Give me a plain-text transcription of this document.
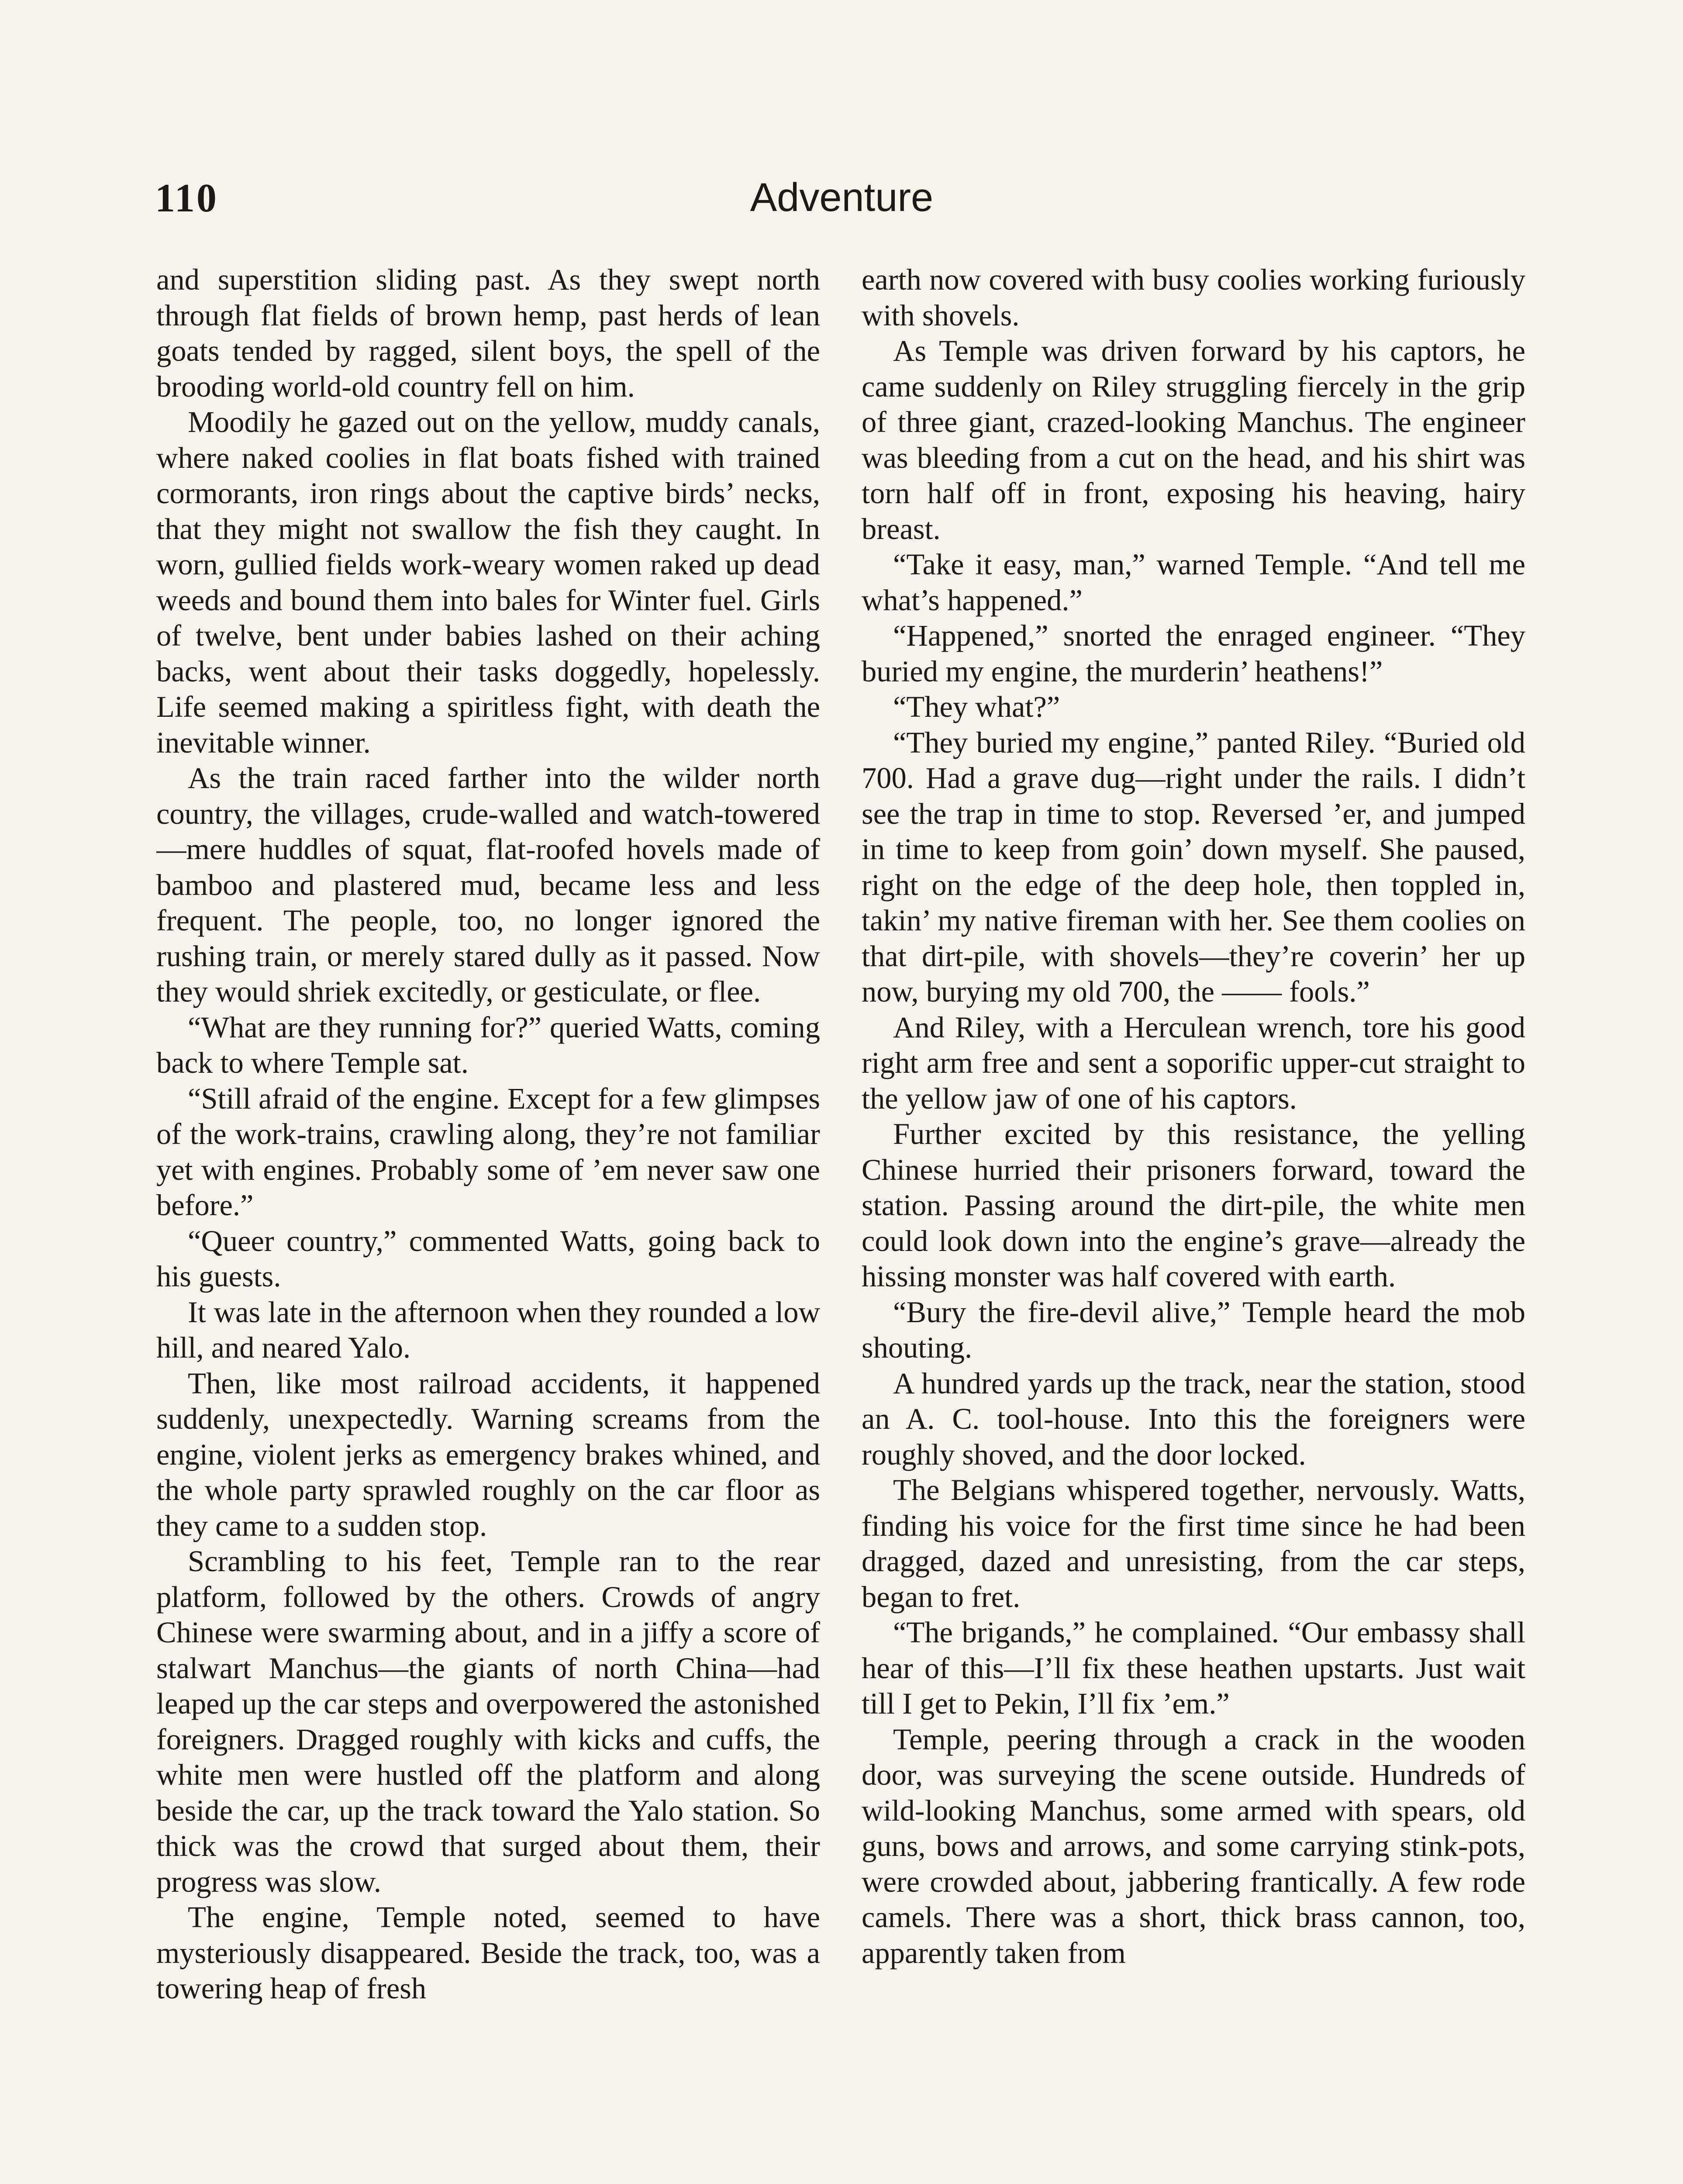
110	Adventure

and superstition sliding past. As they swept north through flat fields of brown hemp, past herds of lean goats tended by ragged, silent boys, the spell of the brooding world-old country fell on him.

Moodily he gazed out on the yellow, muddy canals, where naked coolies in flat boats fished with trained cormorants, iron rings about the captive birds’ necks, that they might not swallow the fish they caught. In worn, gullied fields work-weary women raked up dead weeds and bound them into bales for Winter fuel. Girls of twelve, bent under babies lashed on their aching backs, went about their tasks doggedly, hopelessly. Life seemed making a spiritless fight, with death the inevitable winner.

As the train raced farther into the wilder north country, the villages, crude-walled and watch-towered—mere huddles of squat, flat-roofed hovels made of bamboo and plastered mud, became less and less frequent. The people, too, no longer ignored the rushing train, or merely stared dully as it passed. Now they would shriek excitedly, or gesticulate, or flee.

“What are they running for?” queried Watts, coming back to where Temple sat.

“Still afraid of the engine. Except for a few glimpses of the work-trains, crawling along, they’re not familiar yet with engines. Probably some of ’em never saw one before.”

“Queer country,” commented Watts, going back to his guests.

It was late in the afternoon when they rounded a low hill, and neared Yalo.

Then, like most railroad accidents, it happened suddenly, unexpectedly. Warning screams from the engine, violent jerks as emergency brakes whined, and the whole party sprawled roughly on the car floor as they came to a sudden stop.

Scrambling to his feet, Temple ran to the rear platform, followed by the others. Crowds of angry Chinese were swarming about, and in a jiffy a score of stalwart Manchus—the giants of north China—had leaped up the car steps and overpowered the astonished foreigners. Dragged roughly with kicks and cuffs, the white men were hustled off the platform and along beside the car, up the track toward the Yalo station. So thick was the crowd that surged about them, their progress was slow.

The engine, Temple noted, seemed to have mysteriously disappeared. Beside the track, too, was a towering heap of fresh

earth now covered with busy coolies working furiously with shovels.

As Temple was driven forward by his captors, he came suddenly on Riley struggling fiercely in the grip of three giant, crazed-looking Manchus. The engineer was bleeding from a cut on the head, and his shirt was torn half off in front, exposing his heaving, hairy breast.

“Take it easy, man,” warned Temple. “And tell me what’s happened.”

“Happened,” snorted the enraged engineer. “They buried my engine, the murderin’ heathens!”

“They what?”

“They buried my engine,” panted Riley. “Buried old 700. Had a grave dug—right under the rails. I didn’t see the trap in time to stop. Reversed ’er, and jumped in time to keep from goin’ down myself. She paused, right on the edge of the deep hole, then toppled in, takin’ my native fireman with her. See them coolies on that dirt-pile, with shovels—they’re coverin’ her up now, burying my old 700, the —— fools.”

And Riley, with a Herculean wrench, tore his good right arm free and sent a soporific upper-cut straight to the yellow jaw of one of his captors.

Further excited by this resistance, the yelling Chinese hurried their prisoners forward, toward the station. Passing around the dirt-pile, the white men could look down into the engine’s grave—already the hissing monster was half covered with earth.

“Bury the fire-devil alive,” Temple heard the mob shouting.

A hundred yards up the track, near the station, stood an A. C. tool-house. Into this the foreigners were roughly shoved, and the door locked.

The Belgians whispered together, nervously. Watts, finding his voice for the first time since he had been dragged, dazed and unresisting, from the car steps, began to fret.

“The brigands,” he complained. “Our embassy shall hear of this—I’ll fix these heathen upstarts. Just wait till I get to Pekin, I’ll fix ’em.”

Temple, peering through a crack in the wooden door, was surveying the scene outside. Hundreds of wild-looking Manchus, some armed with spears, old guns, bows and arrows, and some carrying stink-pots, were crowded about, jabbering frantically. A few rode camels. There was a short, thick brass cannon, too, apparently taken from
